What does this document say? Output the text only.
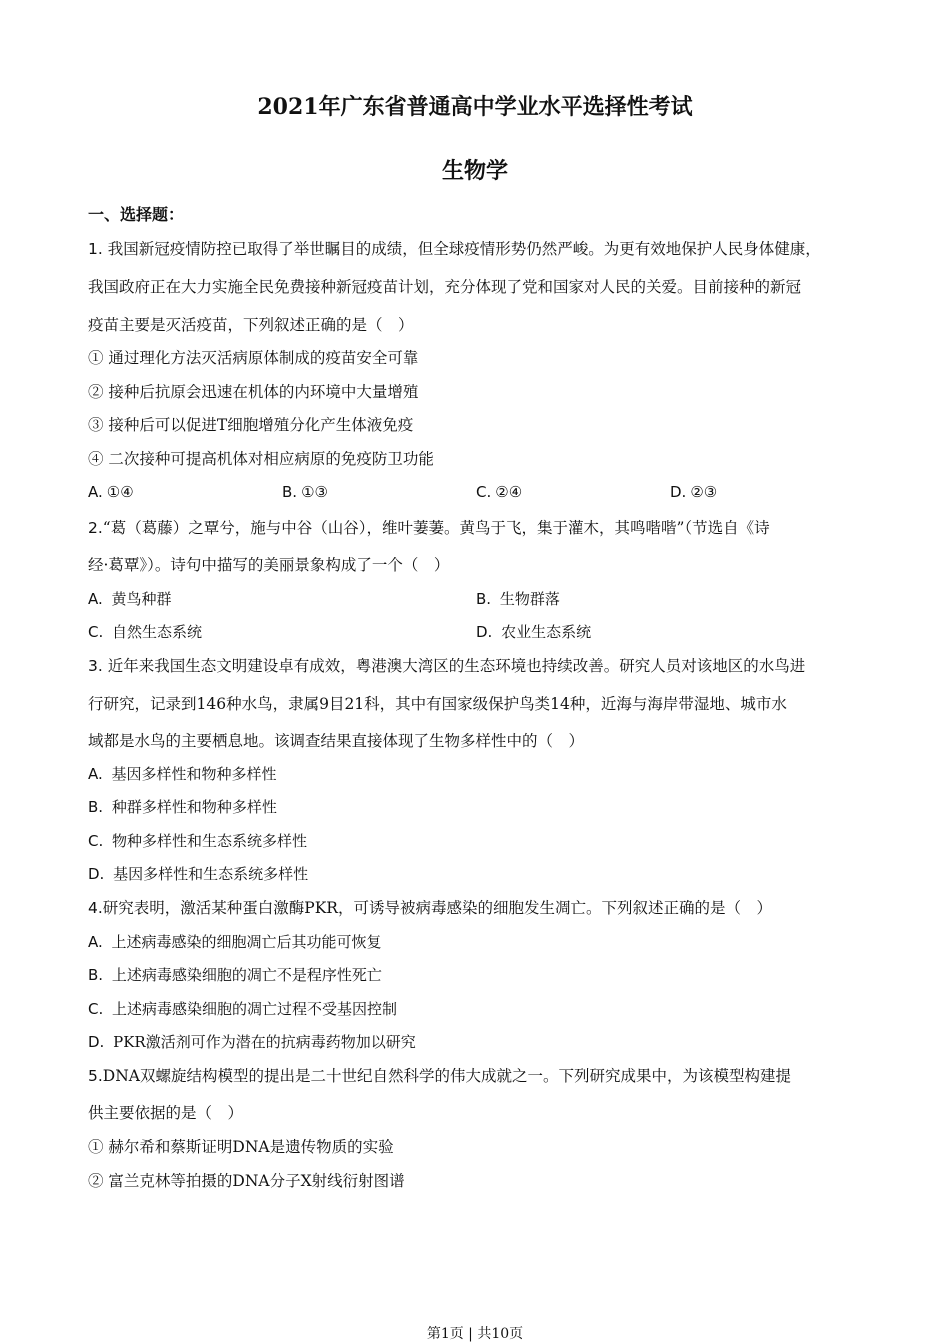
2021年广东省普通高中学业水平选择性考试
生物学
一、选择题：
1. 我国新冠疫情防控已取得了举世瞩目的成绩，但全球疫情形势仍然严峻。为更有效地保护人民身体健康，
我国政府正在大力实施全民免费接种新冠疫苗计划，充分体现了党和国家对人民的关爱。目前接种的新冠
疫苗主要是灭活疫苗，下列叙述正确的是（　）
① 通过理化方法灭活病原体制成的疫苗安全可靠
② 接种后抗原会迅速在机体的内环境中大量增殖
③ 接种后可以促进T细胞增殖分化产生体液免疫
④ 二次接种可提高机体对相应病原的免疫防卫功能
A. ①④	B. ①③	C. ②④	D. ②③
2.“葛（葛藤）之覃兮，施与中谷（山谷），维叶萋萋。黄鸟于飞，集于灌木，其鸣喈喈”（节选自《诗
经·葛覃》）。诗句中描写的美丽景象构成了一个（　）
A. 黄鸟种群	B. 生物群落
C. 自然生态系统	D. 农业生态系统
3. 近年来我国生态文明建设卓有成效，粤港澳大湾区的生态环境也持续改善。研究人员对该地区的水鸟进
行研究，记录到146种水鸟，隶属9目21科，其中有国家级保护鸟类14种，近海与海岸带湿地、城市水
域都是水鸟的主要栖息地。该调查结果直接体现了生物多样性中的（　）
A. 基因多样性和物种多样性
B. 种群多样性和物种多样性
C. 物种多样性和生态系统多样性
D. 基因多样性和生态系统多样性
4.研究表明，激活某种蛋白激酶PKR，可诱导被病毒感染的细胞发生凋亡。下列叙述正确的是（　）
A. 上述病毒感染的细胞凋亡后其功能可恢复
B. 上述病毒感染细胞的凋亡不是程序性死亡
C. 上述病毒感染细胞的凋亡过程不受基因控制
D. PKR激活剂可作为潜在的抗病毒药物加以研究
5.DNA双螺旋结构模型的提出是二十世纪自然科学的伟大成就之一。下列研究成果中，为该模型构建提
供主要依据的是（　）
① 赫尔希和蔡斯证明DNA是遗传物质的实验
② 富兰克林等拍摄的DNA分子X射线衍射图谱
第1页 | 共10页
